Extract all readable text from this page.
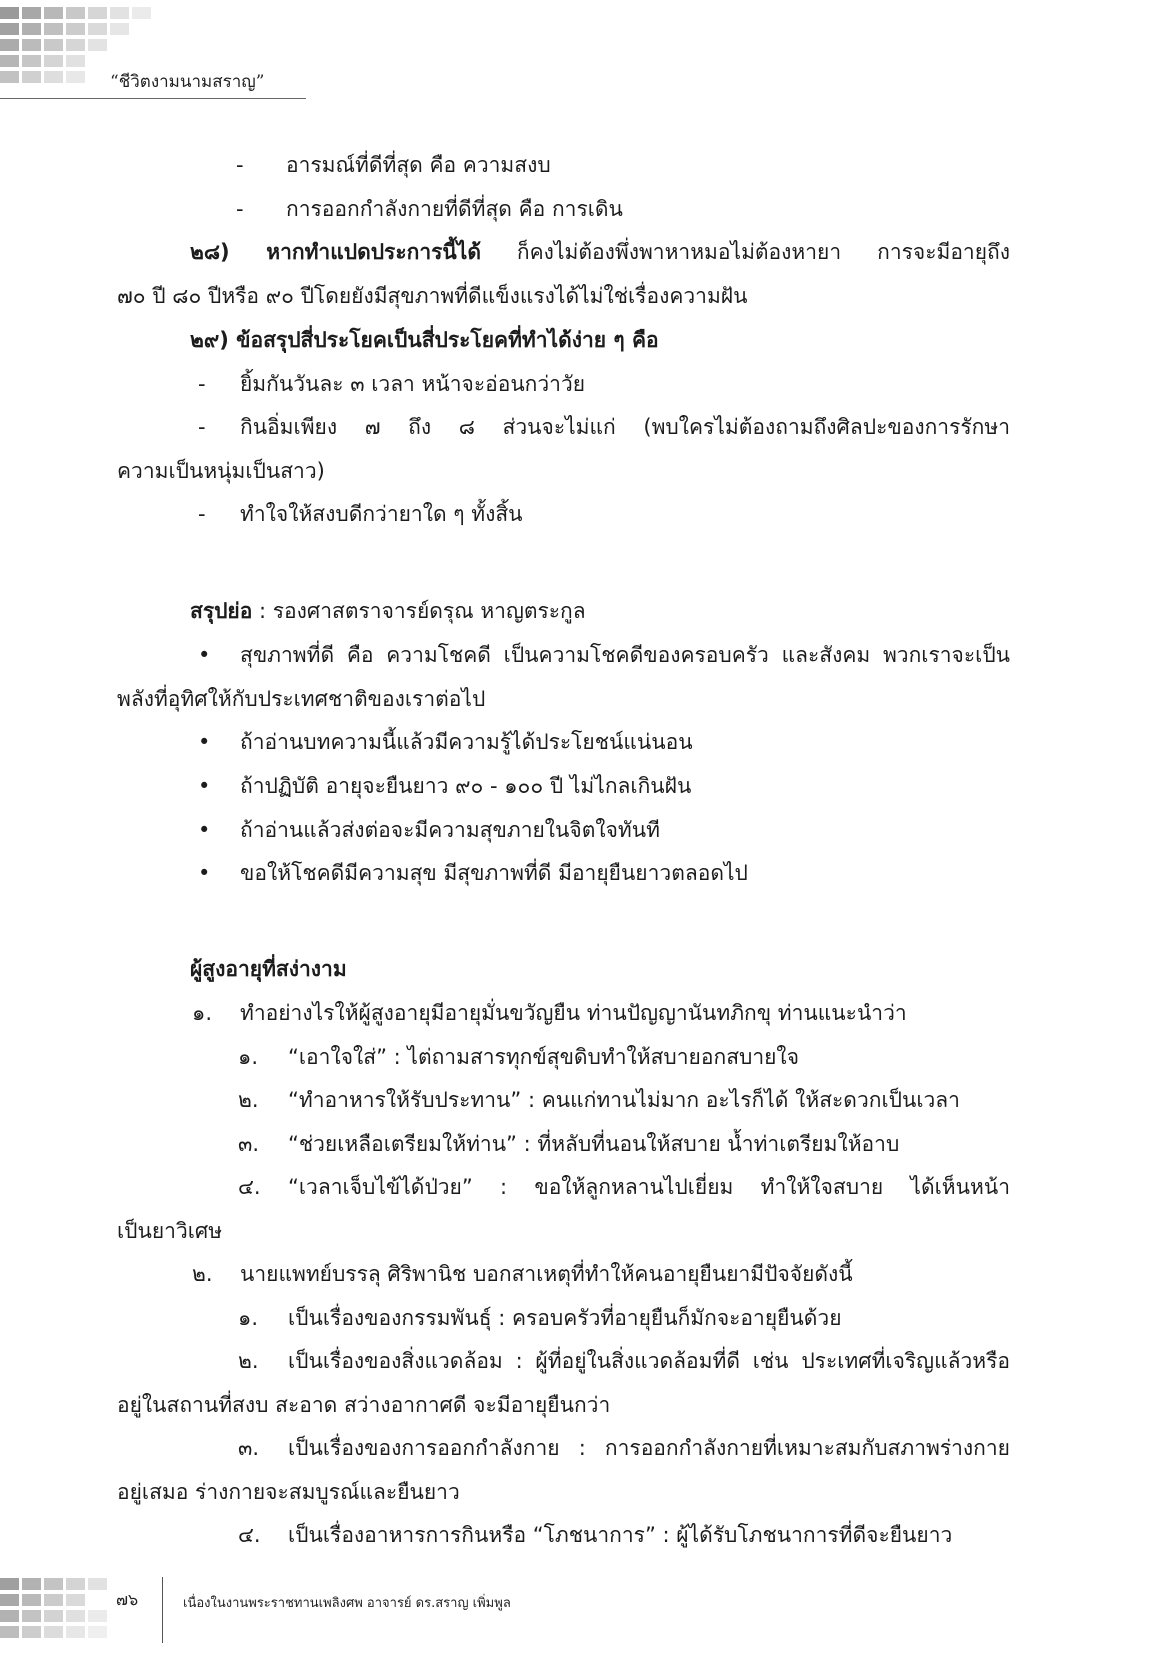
“ชีวิตงามนามสราญ”
- อารมณ์ที่ดีที่สุด คือ ความสงบ
- การออกกำลังกายที่ดีที่สุด คือ การเดิน
๒๘) หากทำแปดประการนี้ได้ ก็คงไม่ต้องพึ่งพาหาหมอไม่ต้องหายา การจะมีอายุถึง
๗๐ ปี ๘๐ ปีหรือ ๙๐ ปีโดยยังมีสุขภาพที่ดีแข็งแรงได้ไม่ใช่เรื่องความฝัน
๒๙) ข้อสรุปสี่ประโยคเป็นสี่ประโยคที่ทำได้ง่าย ๆ คือ
- ยิ้มกันวันละ ๓ เวลา หน้าจะอ่อนกว่าวัย
- กินอิ่มเพียง ๗ ถึง ๘ ส่วนจะไม่แก่ (พบใครไม่ต้องถามถึงศิลปะของการรักษา
ความเป็นหนุ่มเป็นสาว)
- ทำใจให้สงบดีกว่ายาใด ๆ ทั้งสิ้น
สรุปย่อ : รองศาสตราจารย์ดรุณ หาญตระกูล
• สุขภาพที่ดี คือ ความโชคดี เป็นความโชคดีของครอบครัว และสังคม พวกเราจะเป็น
พลังที่อุทิศให้กับประเทศชาติของเราต่อไป
• ถ้าอ่านบทความนี้แล้วมีความรู้ได้ประโยชน์แน่นอน
• ถ้าปฏิบัติ อายุจะยืนยาว ๙๐ - ๑๐๐ ปี ไม่ไกลเกินฝัน
• ถ้าอ่านแล้วส่งต่อจะมีความสุขภายในจิตใจทันที
• ขอให้โชคดีมีความสุข มีสุขภาพที่ดี มีอายุยืนยาวตลอดไป
ผู้สูงอายุที่สง่างาม
๑. ทำอย่างไรให้ผู้สูงอายุมีอายุมั่นขวัญยืน ท่านปัญญานันทภิกขุ ท่านแนะนำว่า
๑. “เอาใจใส่” : ไต่ถามสารทุกข์สุขดิบทำให้สบายอกสบายใจ
๒. “ทำอาหารให้รับประทาน” : คนแก่ทานไม่มาก อะไรก็ได้ ให้สะดวกเป็นเวลา
๓. “ช่วยเหลือเตรียมให้ท่าน” : ที่หลับที่นอนให้สบาย น้ำท่าเตรียมให้อาบ
๔. “เวลาเจ็บไข้ได้ป่วย” : ขอให้ลูกหลานไปเยี่ยม ทำให้ใจสบาย ได้เห็นหน้า
เป็นยาวิเศษ
๒. นายแพทย์บรรลุ ศิริพานิช บอกสาเหตุที่ทำให้คนอายุยืนยามีปัจจัยดังนี้
๑. เป็นเรื่องของกรรมพันธุ์ : ครอบครัวที่อายุยืนก็มักจะอายุยืนด้วย
๒. เป็นเรื่องของสิ่งแวดล้อม : ผู้ที่อยู่ในสิ่งแวดล้อมที่ดี เช่น ประเทศที่เจริญแล้วหรือ
อยู่ในสถานที่สงบ สะอาด สว่างอากาศดี จะมีอายุยืนกว่า
๓. เป็นเรื่องของการออกกำลังกาย : การออกกำลังกายที่เหมาะสมกับสภาพร่างกาย
อยู่เสมอ ร่างกายจะสมบูรณ์และยืนยาว
๔. เป็นเรื่องอาหารการกินหรือ “โภชนาการ” : ผู้ได้รับโภชนาการที่ดีจะยืนยาว
๗๖	เนื่องในงานพระราชทานเพลิงศพ อาจารย์ ดร.สราญ เพิ่มพูล
